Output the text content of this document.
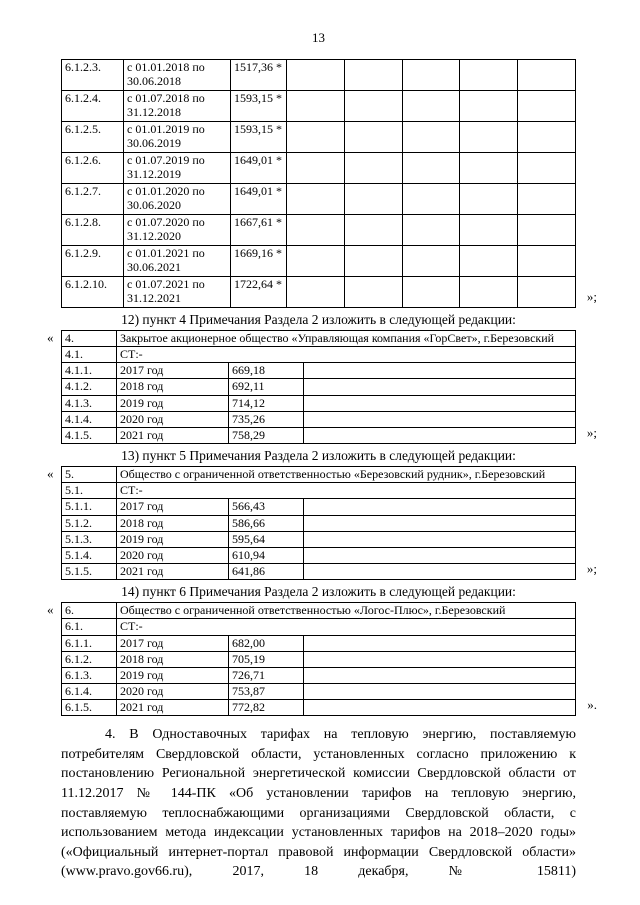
13
6.1.2.3.	с 01.01.2018 по
30.06.2018	1517,36 *					
6.1.2.4.	с 01.07.2018 по
31.12.2018	1593,15 *					
6.1.2.5.	с 01.01.2019 по
30.06.2019	1593,15 *					
6.1.2.6.	с 01.07.2019 по
31.12.2019	1649,01 *					
6.1.2.7.	с 01.01.2020 по
30.06.2020	1649,01 *					
6.1.2.8.	с 01.07.2020 по
31.12.2020	1667,61 *					
6.1.2.9.	с 01.01.2021 по
30.06.2021	1669,16 *					
6.1.2.10.	с 01.07.2021 по
31.12.2021	1722,64 *					
»;
12) пункт 4 Примечания Раздела 2 изложить в следующей редакции:
« 4.	Закрытое акционерное общество «Управляющая компания «ГорСвет», г.Березовский		
4.1.	СТ:-		
4.1.1.	2017 год	669,18	
4.1.2.	2018 год	692,11	
4.1.3.	2019 год	714,12	
4.1.4.	2020 год	735,26	
4.1.5.	2021 год	758,29		»;
13) пункт 5 Примечания Раздела 2 изложить в следующей редакции:
« 5.	Общество с ограниченной ответственностью «Березовский рудник», г.Березовский		
5.1.	СТ:-		
5.1.1.	2017 год	566,43	
5.1.2.	2018 год	586,66	
5.1.3.	2019 год	595,64	
5.1.4.	2020 год	610,94	
5.1.5.	2021 год	641,86		»;
14) пункт 6 Примечания Раздела 2 изложить в следующей редакции:
« 6.	Общество с ограниченной ответственностью «Логос-Плюс», г.Березовский		
6.1.	СТ:-		
6.1.1.	2017 год	682,00	
6.1.2.	2018 год	705,19	
6.1.3.	2019 год	726,71	
6.1.4.	2020 год	753,87	
6.1.5.	2021 год	772,82		».
4. В Одноставочных тарифах на тепловую энергию, поставляемую потребителям Свердловской области, установленных согласно приложению к постановлению Региональной энергетической комиссии Свердловской области от 11.12.2017 № 144-ПК «Об установлении тарифов на тепловую энергию, поставляемую теплоснабжающими организациями Свердловской области, с использованием метода индексации установленных тарифов на 2018–2020 годы» («Официальный интернет-портал правовой информации Свердловской области» (www.pravo.gov66.ru), 2017, 18 декабря, № 15811)
